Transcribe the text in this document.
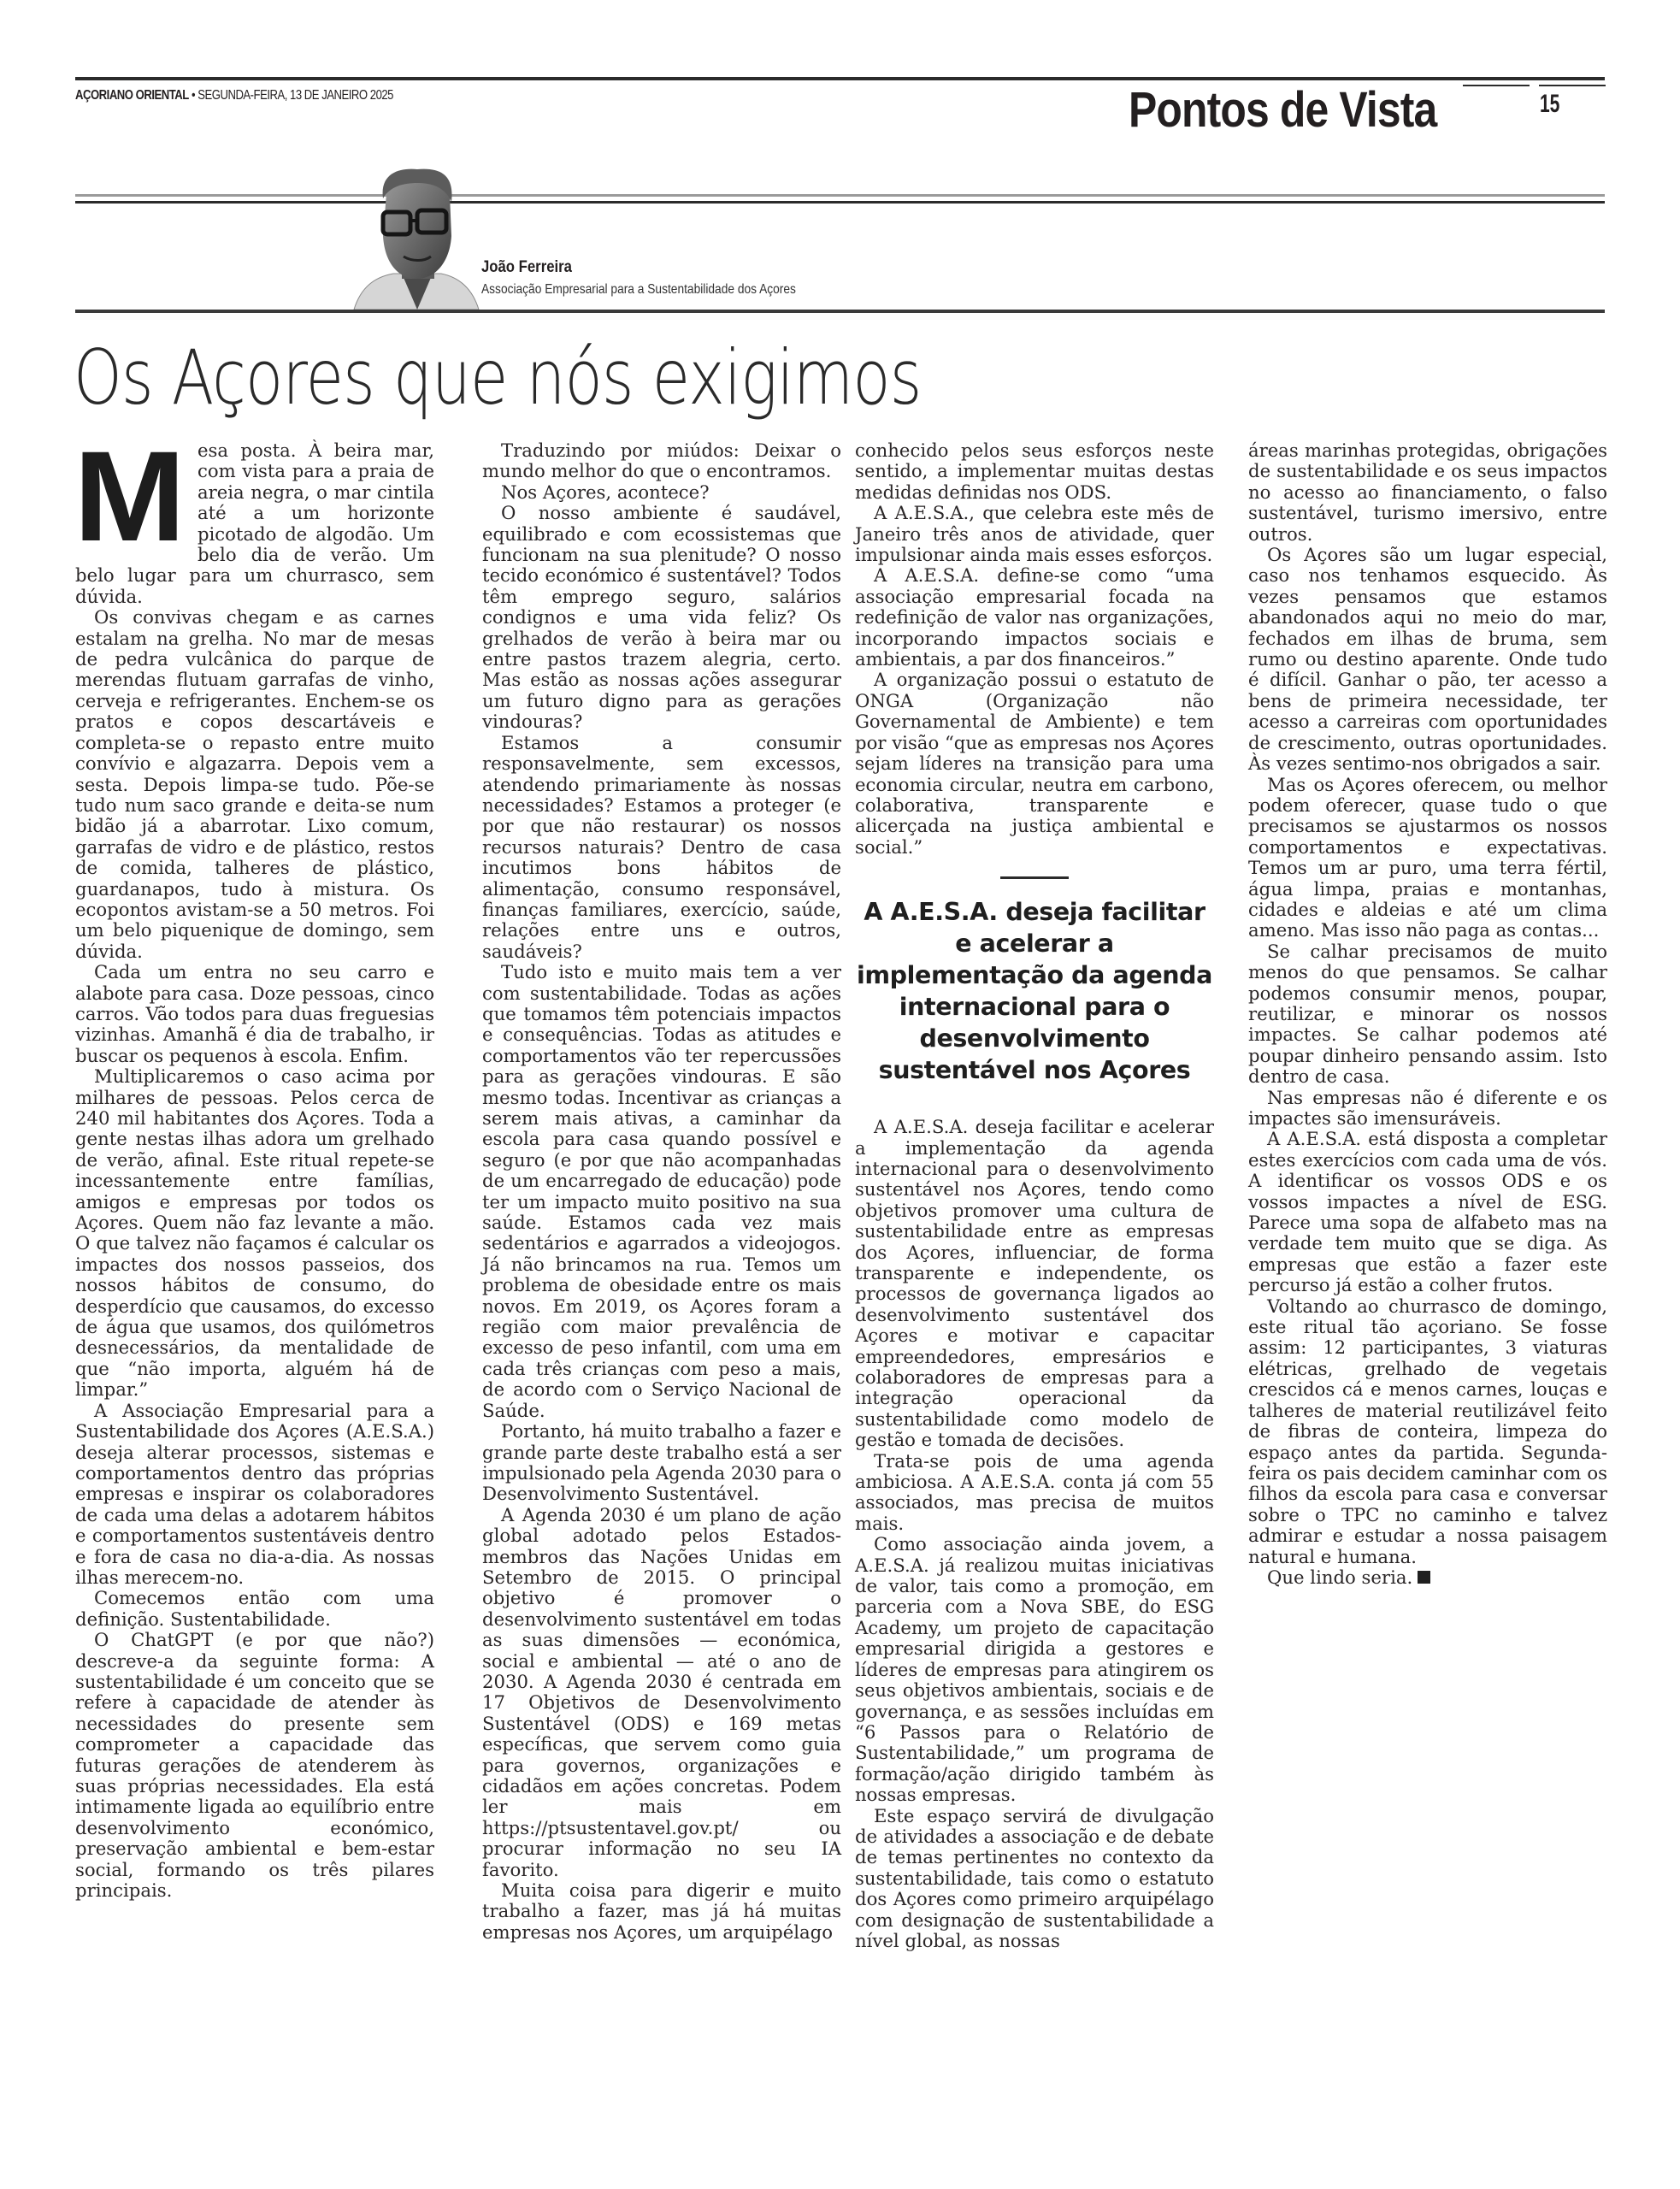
AÇORIANO ORIENTAL • SEGUNDA-FEIRA, 13 DE JANEIRO 2025	Pontos de Vista	15
João Ferreira
Associação Empresarial para a Sustentabilidade dos Açores
Os Açores que nós exigimos

Mesa posta. À beira mar, com vista para a praia de areia negra, o mar cintila até a um horizonte picotado de algodão. Um belo dia de verão. Um belo lugar para um churrasco, sem dúvida.

Os convivas chegam e as carnes estalam na grelha. No mar de mesas de pedra vulcânica do parque de merendas flutuam garrafas de vinho, cerveja e refrigerantes. Enchem-se os pratos e copos descartáveis e completa-se o repasto entre muito convívio e algazarra. Depois vem a sesta. Depois limpa-se tudo. Põe-se tudo num saco grande e deita-se num bidão já a abarrotar. Lixo comum, garrafas de vidro e de plástico, restos de comida, talheres de plástico, guardanapos, tudo à mistura. Os ecopontos avistam-se a 50 metros. Foi um belo piquenique de domingo, sem dúvida.

Cada um entra no seu carro e alabote para casa. Doze pessoas, cinco carros. Vão todos para duas freguesias vizinhas. Amanhã é dia de trabalho, ir buscar os pequenos à escola. Enfim.

Multiplicaremos o caso acima por milhares de pessoas. Pelos cerca de 240 mil habitantes dos Açores. Toda a gente nestas ilhas adora um grelhado de verão, afinal. Este ritual repete-se incessantemente entre famílias, amigos e empresas por todos os Açores. Quem não faz levante a mão. O que talvez não façamos é calcular os impactes dos nossos passeios, dos nossos hábitos de consumo, do desperdício que causamos, do excesso de água que usamos, dos quilómetros desnecessários, da mentalidade de que “não importa, alguém há de limpar.”

A Associação Empresarial para a Sustentabilidade dos Açores (A.E.S.A.) deseja alterar processos, sistemas e comportamentos dentro das próprias empresas e inspirar os colaboradores de cada uma delas a adotarem hábitos e comportamentos sustentáveis dentro e fora de casa no dia-a-dia. As nossas ilhas merecem-no.

Comecemos então com uma definição. Sustentabilidade.

O ChatGPT (e por que não?) descreve-a da seguinte forma: A sustentabilidade é um conceito que se refere à capacidade de atender às necessidades do presente sem comprometer a capacidade das futuras gerações de atenderem às suas próprias necessidades. Ela está intimamente ligada ao equilíbrio entre desenvolvimento económico, preservação ambiental e bem-estar social, formando os três pilares principais.

Traduzindo por miúdos: Deixar o mundo melhor do que o encontramos.

Nos Açores, acontece?

O nosso ambiente é saudável, equilibrado e com ecossistemas que funcionam na sua plenitude? O nosso tecido económico é sustentável? Todos têm emprego seguro, salários condignos e uma vida feliz? Os grelhados de verão à beira mar ou entre pastos trazem alegria, certo. Mas estão as nossas ações assegurar um futuro digno para as gerações vindouras?

Estamos a consumir responsavelmente, sem excessos, atendendo primariamente às nossas necessidades? Estamos a proteger (e por que não restaurar) os nossos recursos naturais? Dentro de casa incutimos bons hábitos de alimentação, consumo responsável, finanças familiares, exercício, saúde, relações entre uns e outros, saudáveis?

Tudo isto e muito mais tem a ver com sustentabilidade. Todas as ações que tomamos têm potenciais impactos e consequências. Todas as atitudes e comportamentos vão ter repercussões para as gerações vindouras. E são mesmo todas. Incentivar as crianças a serem mais ativas, a caminhar da escola para casa quando possível e seguro (e por que não acompanhadas de um encarregado de educação) pode ter um impacto muito positivo na sua saúde. Estamos cada vez mais sedentários e agarrados a videojogos. Já não brincamos na rua. Temos um problema de obesidade entre os mais novos. Em 2019, os Açores foram a região com maior prevalência de excesso de peso infantil, com uma em cada três crianças com peso a mais, de acordo com o Serviço Nacional de Saúde.

Portanto, há muito trabalho a fazer e grande parte deste trabalho está a ser impulsionado pela Agenda 2030 para o Desenvolvimento Sustentável.

A Agenda 2030 é um plano de ação global adotado pelos Estados-membros das Nações Unidas em Setembro de 2015. O principal objetivo é promover o desenvolvimento sustentável em todas as suas dimensões — económica, social e ambiental — até o ano de 2030. A Agenda 2030 é centrada em 17 Objetivos de Desenvolvimento Sustentável (ODS) e 169 metas específicas, que servem como guia para governos, organizações e cidadãos em ações concretas. Podem ler mais em https://ptsustentavel.gov.pt/ ou procurar informação no seu IA favorito.

Muita coisa para digerir e muito trabalho a fazer, mas já há muitas empresas nos Açores, um arquipélago

conhecido pelos seus esforços neste sentido, a implementar muitas destas medidas definidas nos ODS.

A A.E.S.A., que celebra este mês de Janeiro três anos de atividade, quer impulsionar ainda mais esses esforços.

A A.E.S.A. define-se como “uma associação empresarial focada na redefinição de valor nas organizações, incorporando impactos sociais e ambientais, a par dos financeiros.”

A organização possui o estatuto de ONGA (Organização não Governamental de Ambiente) e tem por visão “que as empresas nos Açores sejam líderes na transição para uma economia circular, neutra em carbono, colaborativa, transparente e alicerçada na justiça ambiental e social.”

A A.E.S.A. deseja facilitar e acelerar a implementação da agenda internacional para o desenvolvimento sustentável nos Açores

A A.E.S.A. deseja facilitar e acelerar a implementação da agenda internacional para o desenvolvimento sustentável nos Açores, tendo como objetivos promover uma cultura de sustentabilidade entre as empresas dos Açores, influenciar, de forma transparente e independente, os processos de governança ligados ao desenvolvimento sustentável dos Açores e motivar e capacitar empreendedores, empresários e colaboradores de empresas para a integração operacional da sustentabilidade como modelo de gestão e tomada de decisões.

Trata-se pois de uma agenda ambiciosa. A A.E.S.A. conta já com 55 associados, mas precisa de muitos mais.

Como associação ainda jovem, a A.E.S.A. já realizou muitas iniciativas de valor, tais como a promoção, em parceria com a Nova SBE, do ESG Academy, um projeto de capacitação empresarial dirigida a gestores e líderes de empresas para atingirem os seus objetivos ambientais, sociais e de governança, e as sessões incluídas em “6 Passos para o Relatório de Sustentabilidade,” um programa de formação/ação dirigido também às nossas empresas.

Este espaço servirá de divulgação de atividades a associação e de debate de temas pertinentes no contexto da sustentabilidade, tais como o estatuto dos Açores como primeiro arquipélago com designação de sustentabilidade a nível global, as nossas

áreas marinhas protegidas, obrigações de sustentabilidade e os seus impactos no acesso ao financiamento, o falso sustentável, turismo imersivo, entre outros.

Os Açores são um lugar especial, caso nos tenhamos esquecido. Às vezes pensamos que estamos abandonados aqui no meio do mar, fechados em ilhas de bruma, sem rumo ou destino aparente. Onde tudo é difícil. Ganhar o pão, ter acesso a bens de primeira necessidade, ter acesso a carreiras com oportunidades de crescimento, outras oportunidades. Às vezes sentimo-nos obrigados a sair.

Mas os Açores oferecem, ou melhor podem oferecer, quase tudo o que precisamos se ajustarmos os nossos comportamentos e expectativas. Temos um ar puro, uma terra fértil, água limpa, praias e montanhas, cidades e aldeias e até um clima ameno. Mas isso não paga as contas...

Se calhar precisamos de muito menos do que pensamos. Se calhar podemos consumir menos, poupar, reutilizar, e minorar os nossos impactes. Se calhar podemos até poupar dinheiro pensando assim. Isto dentro de casa.

Nas empresas não é diferente e os impactes são imensuráveis.

A A.E.S.A. está disposta a completar estes exercícios com cada uma de vós. A identificar os vossos ODS e os vossos impactes a nível de ESG. Parece uma sopa de alfabeto mas na verdade tem muito que se diga. As empresas que estão a fazer este percurso já estão a colher frutos.

Voltando ao churrasco de domingo, este ritual tão açoriano. Se fosse assim: 12 participantes, 3 viaturas elétricas, grelhado de vegetais crescidos cá e menos carnes, louças e talheres de material reutilizável feito de fibras de conteira, limpeza do espaço antes da partida. Segunda-feira os pais decidem caminhar com os filhos da escola para casa e conversar sobre o TPC no caminho e talvez admirar e estudar a nossa paisagem natural e humana.

Que lindo seria.
